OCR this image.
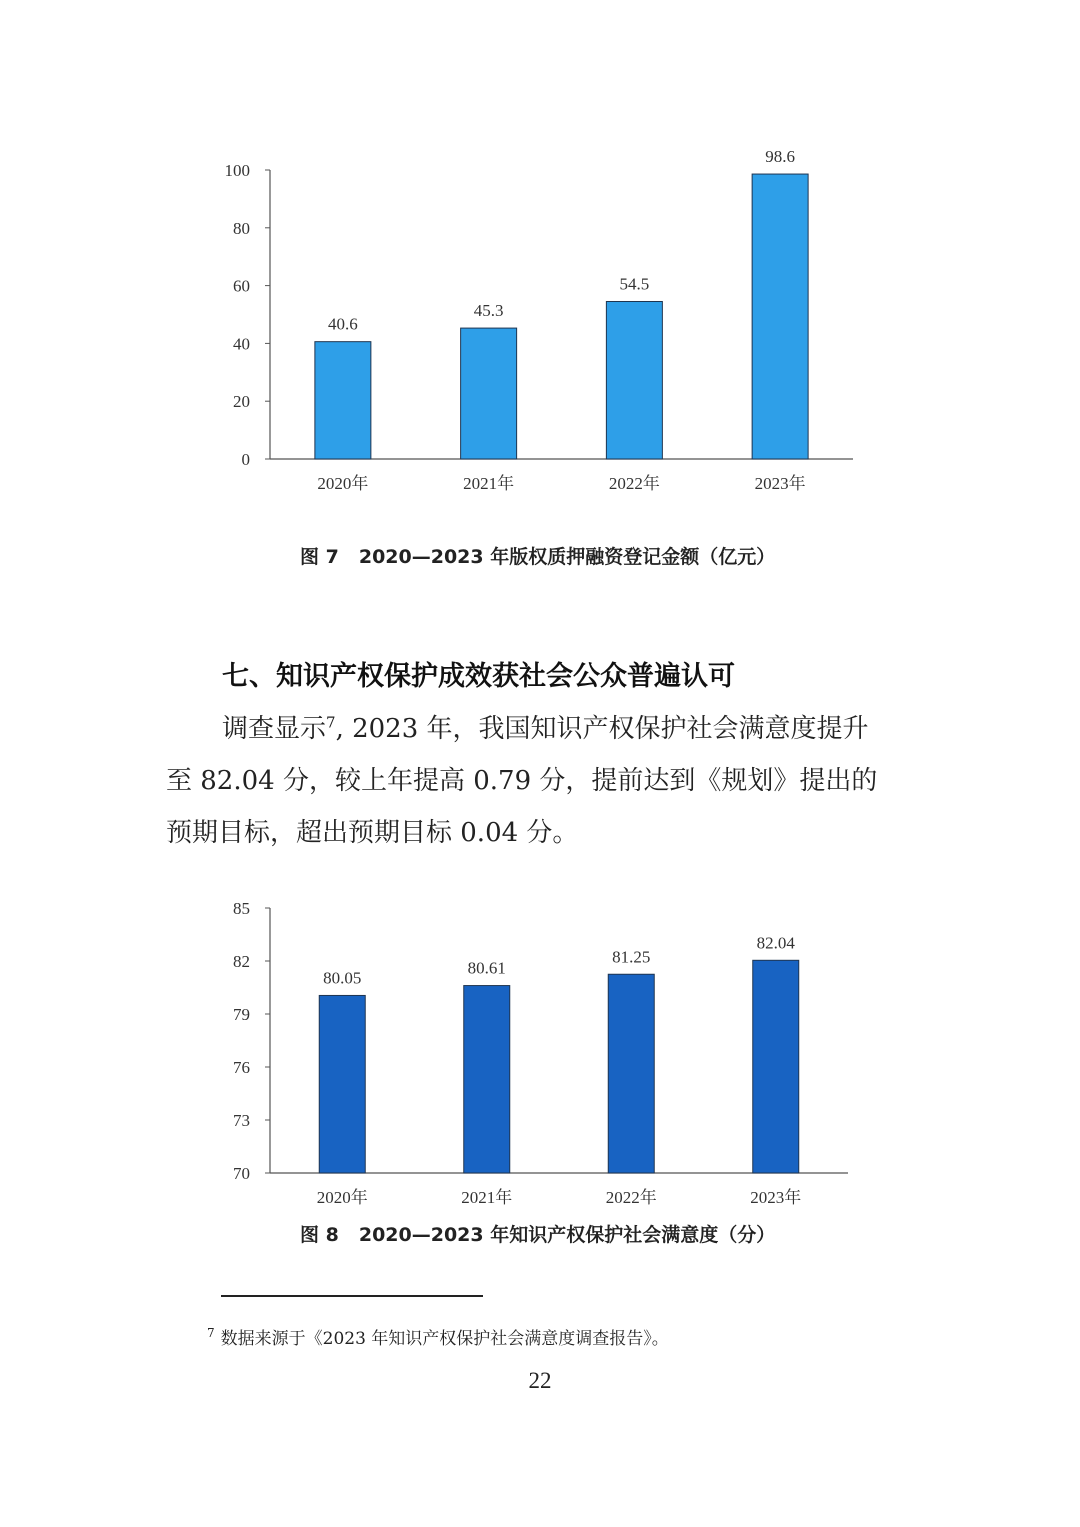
0
20
40
60
80
100
40.6
2020年
45.3
2021年
54.5
2022年
98.6
2023年
图 7 2020—2023 年版权质押融资登记金额（亿元）
七、知识产权保护成效获社会公众普遍认可
调查显示$^7$, 2023 年，我国知识产权保护社会满意度提升
至 82.04 分，较上年提高 0.79 分，提前达到《规划》提出的
预期目标，超出预期目标 0.04 分。
70
73
76
79
82
85
80.05
2020年
80.61
2021年
81.25
2022年
82.04
2023年
图 8 2020—2023 年知识产权保护社会满意度（分）
$^7$ 数据来源于《2023 年知识产权保护社会满意度调查报告》。
22
